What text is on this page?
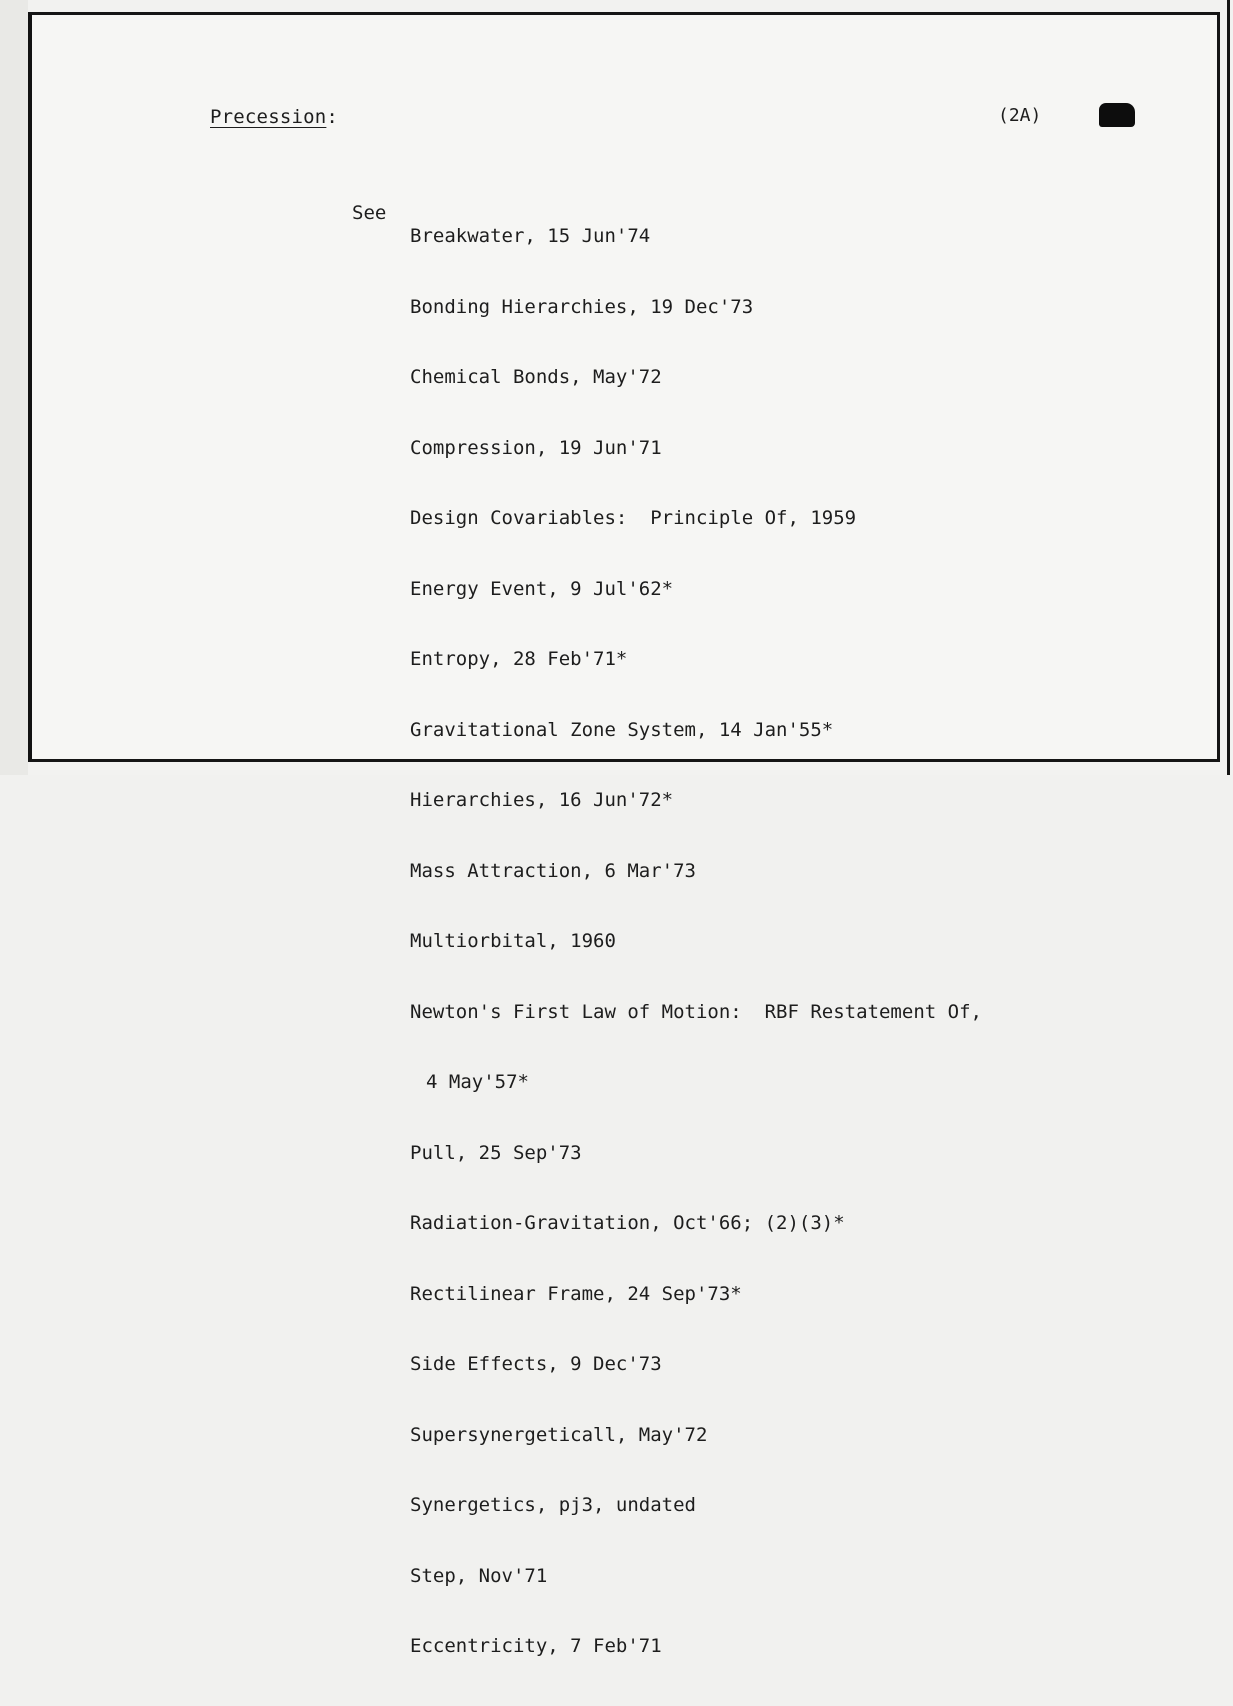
Precession:	(2A)
See

Breakwater, 15 Jun'74

Bonding Hierarchies, 19 Dec'73

Chemical Bonds, May'72

Compression, 19 Jun'71

Design Covariables:  Principle Of, 1959

Energy Event, 9 Jul'62*

Entropy, 28 Feb'71*

Gravitational Zone System, 14 Jan'55*

Hierarchies, 16 Jun'72*

Mass Attraction, 6 Mar'73

Multiorbital, 1960

Newton's First Law of Motion:  RBF Restatement Of,

4 May'57*

Pull, 25 Sep'73

Radiation-Gravitation, Oct'66; (2)(3)*

Rectilinear Frame, 24 Sep'73*

Side Effects, 9 Dec'73

Supersynergeticall, May'72

Synergetics, pj3, undated

Step, Nov'71

Eccentricity, 7 Feb'71
